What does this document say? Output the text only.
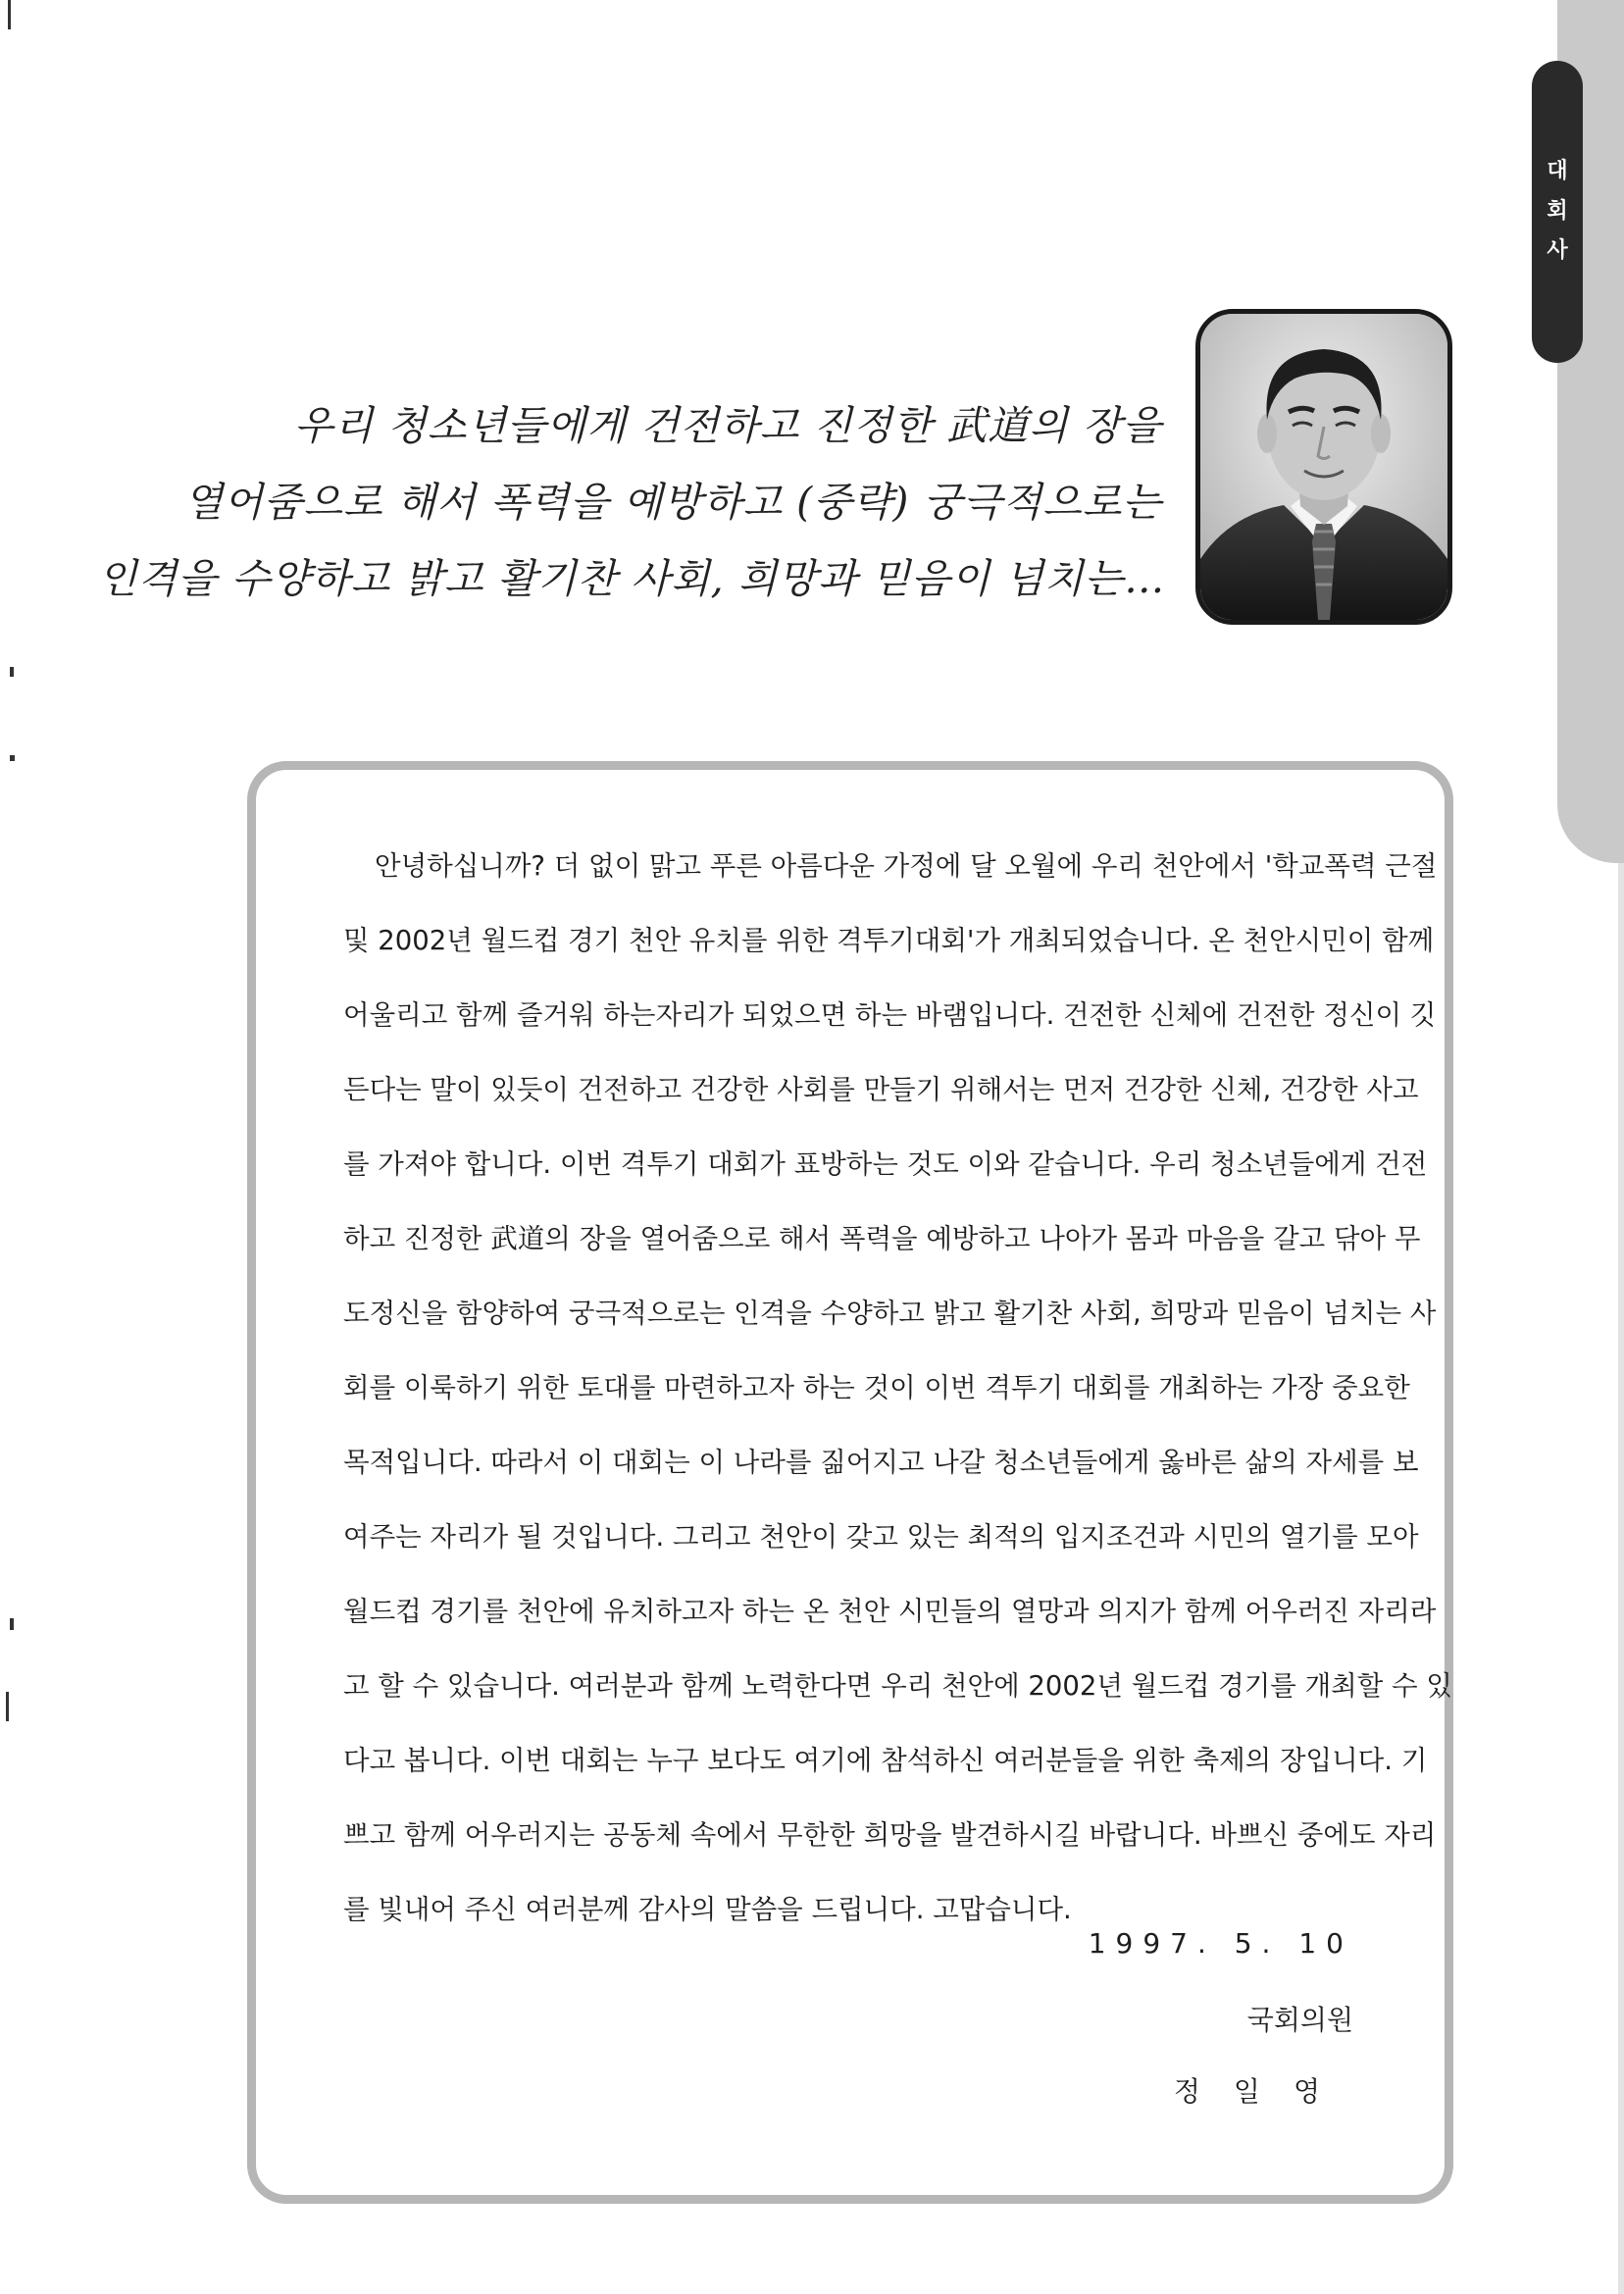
대
회
사
우리 청소년들에게 건전하고 진정한 武道의 장을
열어줌으로 해서 폭력을 예방하고 (중략) 궁극적으로는
인격을 수양하고 밝고 활기찬 사회, 희망과 믿음이 넘치는…
안녕하십니까? 더 없이 맑고 푸른 아름다운 가정에 달 오월에 우리 천안에서 '학교폭력 근절
및 2002년 월드컵 경기 천안 유치를 위한 격투기대회'가 개최되었습니다. 온 천안시민이 함께
어울리고 함께 즐거워 하는자리가 되었으면 하는 바램입니다. 건전한 신체에 건전한 정신이 깃
든다는 말이 있듯이 건전하고 건강한 사회를 만들기 위해서는 먼저 건강한 신체, 건강한 사고
를 가져야 합니다. 이번 격투기 대회가 표방하는 것도 이와 같습니다. 우리 청소년들에게 건전
하고 진정한 武道의 장을 열어줌으로 해서 폭력을 예방하고 나아가 몸과 마음을 갈고 닦아 무
도정신을 함양하여 궁극적으로는 인격을 수양하고 밝고 활기찬 사회, 희망과 믿음이 넘치는 사
회를 이룩하기 위한 토대를 마련하고자 하는 것이 이번 격투기 대회를 개최하는 가장 중요한
목적입니다. 따라서 이 대회는 이 나라를 짊어지고 나갈 청소년들에게 옳바른 삶의 자세를 보
여주는 자리가 될 것입니다. 그리고 천안이 갖고 있는 최적의 입지조건과 시민의 열기를 모아
월드컵 경기를 천안에 유치하고자 하는 온 천안 시민들의 열망과 의지가 함께 어우러진 자리라
고 할 수 있습니다. 여러분과 함께 노력한다면 우리 천안에 2002년 월드컵 경기를 개최할 수 있
다고 봅니다. 이번 대회는 누구 보다도 여기에 참석하신 여러분들을 위한 축제의 장입니다. 기
쁘고 함께 어우러지는 공동체 속에서 무한한 희망을 발견하시길 바랍니다. 바쁘신 중에도 자리
를 빛내어 주신 여러분께 감사의 말씀을 드립니다. 고맙습니다.
1997. 5. 10
국회의원
정일영
